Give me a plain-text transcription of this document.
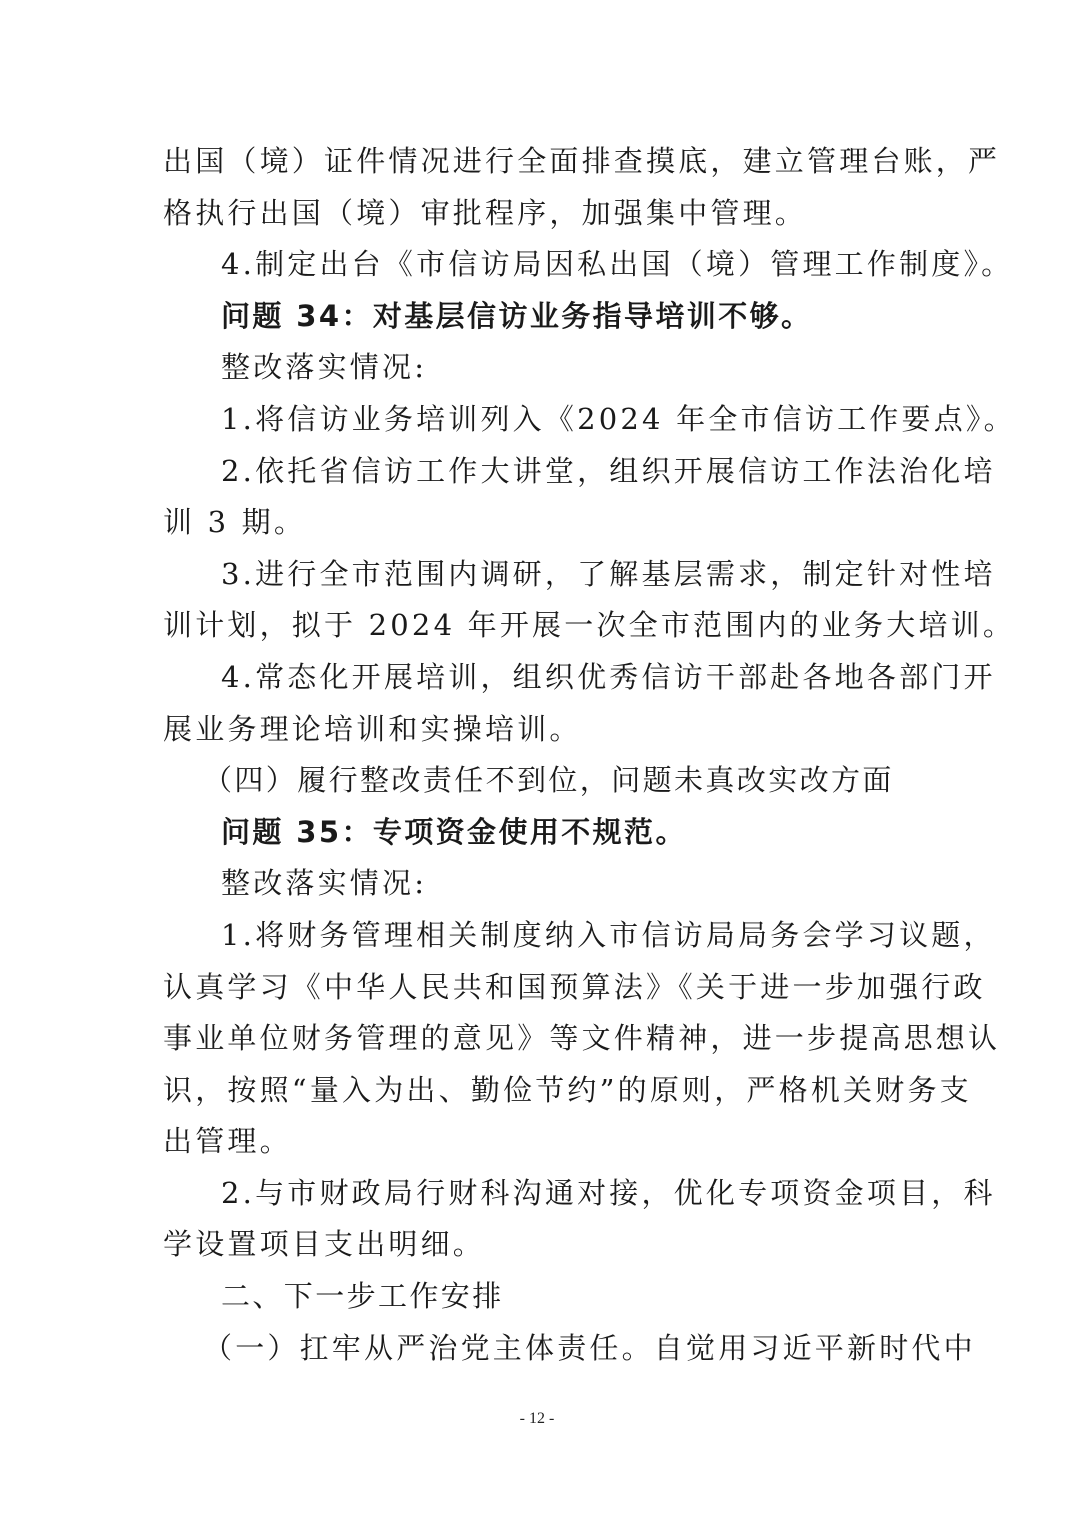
出国（境）证件情况进行全面排查摸底，建立管理台账，严
格执行出国（境）审批程序，加强集中管理。
4.制定出台《市信访局因私出国（境）管理工作制度》。
问题 34：对基层信访业务指导培训不够。
整改落实情况:
1.将信访业务培训列入《2024 年全市信访工作要点》。
2.依托省信访工作大讲堂，组织开展信访工作法治化培
训 3 期。
3.进行全市范围内调研，了解基层需求，制定针对性培
训计划，拟于 2024 年开展一次全市范围内的业务大培训。
4.常态化开展培训，组织优秀信访干部赴各地各部门开
展业务理论培训和实操培训。
（四）履行整改责任不到位，问题未真改实改方面
问题 35：专项资金使用不规范。
整改落实情况:
1.将财务管理相关制度纳入市信访局局务会学习议题，
认真学习《中华人民共和国预算法》《关于进一步加强行政
事业单位财务管理的意见》等文件精神，进一步提高思想认
识，按照“量入为出、勤俭节约”的原则，严格机关财务支
出管理。
2.与市财政局行财科沟通对接，优化专项资金项目，科
学设置项目支出明细。
二、下一步工作安排
（一）扛牢从严治党主体责任。自觉用习近平新时代中
- 12 -
